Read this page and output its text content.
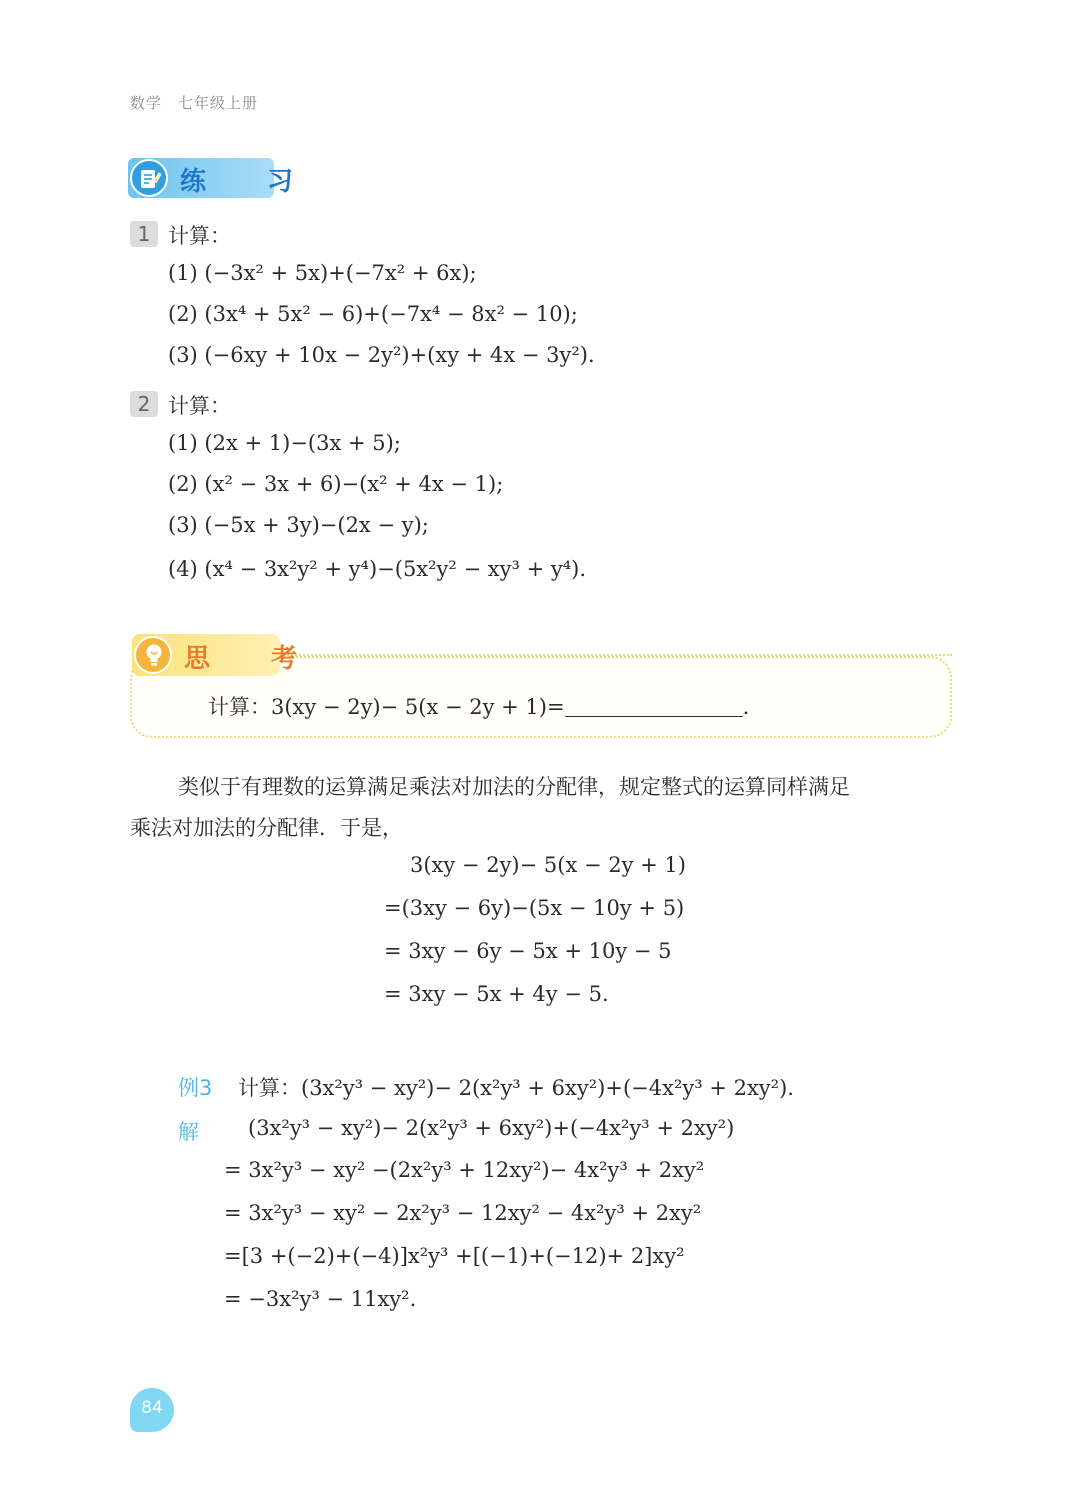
数学 七年级上册
练 习
1 计算：
(1) (−3x² + 5x)+(−7x² + 6x);
(2) (3x⁴ + 5x² − 6)+(−7x⁴ − 8x² − 10);
(3) (−6xy + 10x − 2y²)+(xy + 4x − 3y²).
2 计算：
(1) (2x + 1)−(3x + 5);
(2) (x² − 3x + 6)−(x² + 4x − 1);
(3) (−5x + 3y)−(2x − y);
(4) (x⁴ − 3x²y² + y⁴)−(5x²y² − xy³ + y⁴).
思 考
计算：3(xy − 2y)− 5(x − 2y + 1)=	.
类似于有理数的运算满足乘法对加法的分配律，规定整式的运算同样满足
乘法对加法的分配律．于是，
3(xy − 2y)− 5(x − 2y + 1)
=(3xy − 6y)−(5x − 10y + 5)
= 3xy − 6y − 5x + 10y − 5
= 3xy − 5x + 4y − 5.
例3 计算：(3x²y³ − xy²)− 2(x²y³ + 6xy²)+(−4x²y³ + 2xy²).
解 (3x²y³ − xy²)− 2(x²y³ + 6xy²)+(−4x²y³ + 2xy²)
= 3x²y³ − xy² −(2x²y³ + 12xy²)− 4x²y³ + 2xy²
= 3x²y³ − xy² − 2x²y³ − 12xy² − 4x²y³ + 2xy²
=[3 +(−2)+(−4)]x²y³ +[(−1)+(−12)+ 2]xy²
= −3x²y³ − 11xy².
84
